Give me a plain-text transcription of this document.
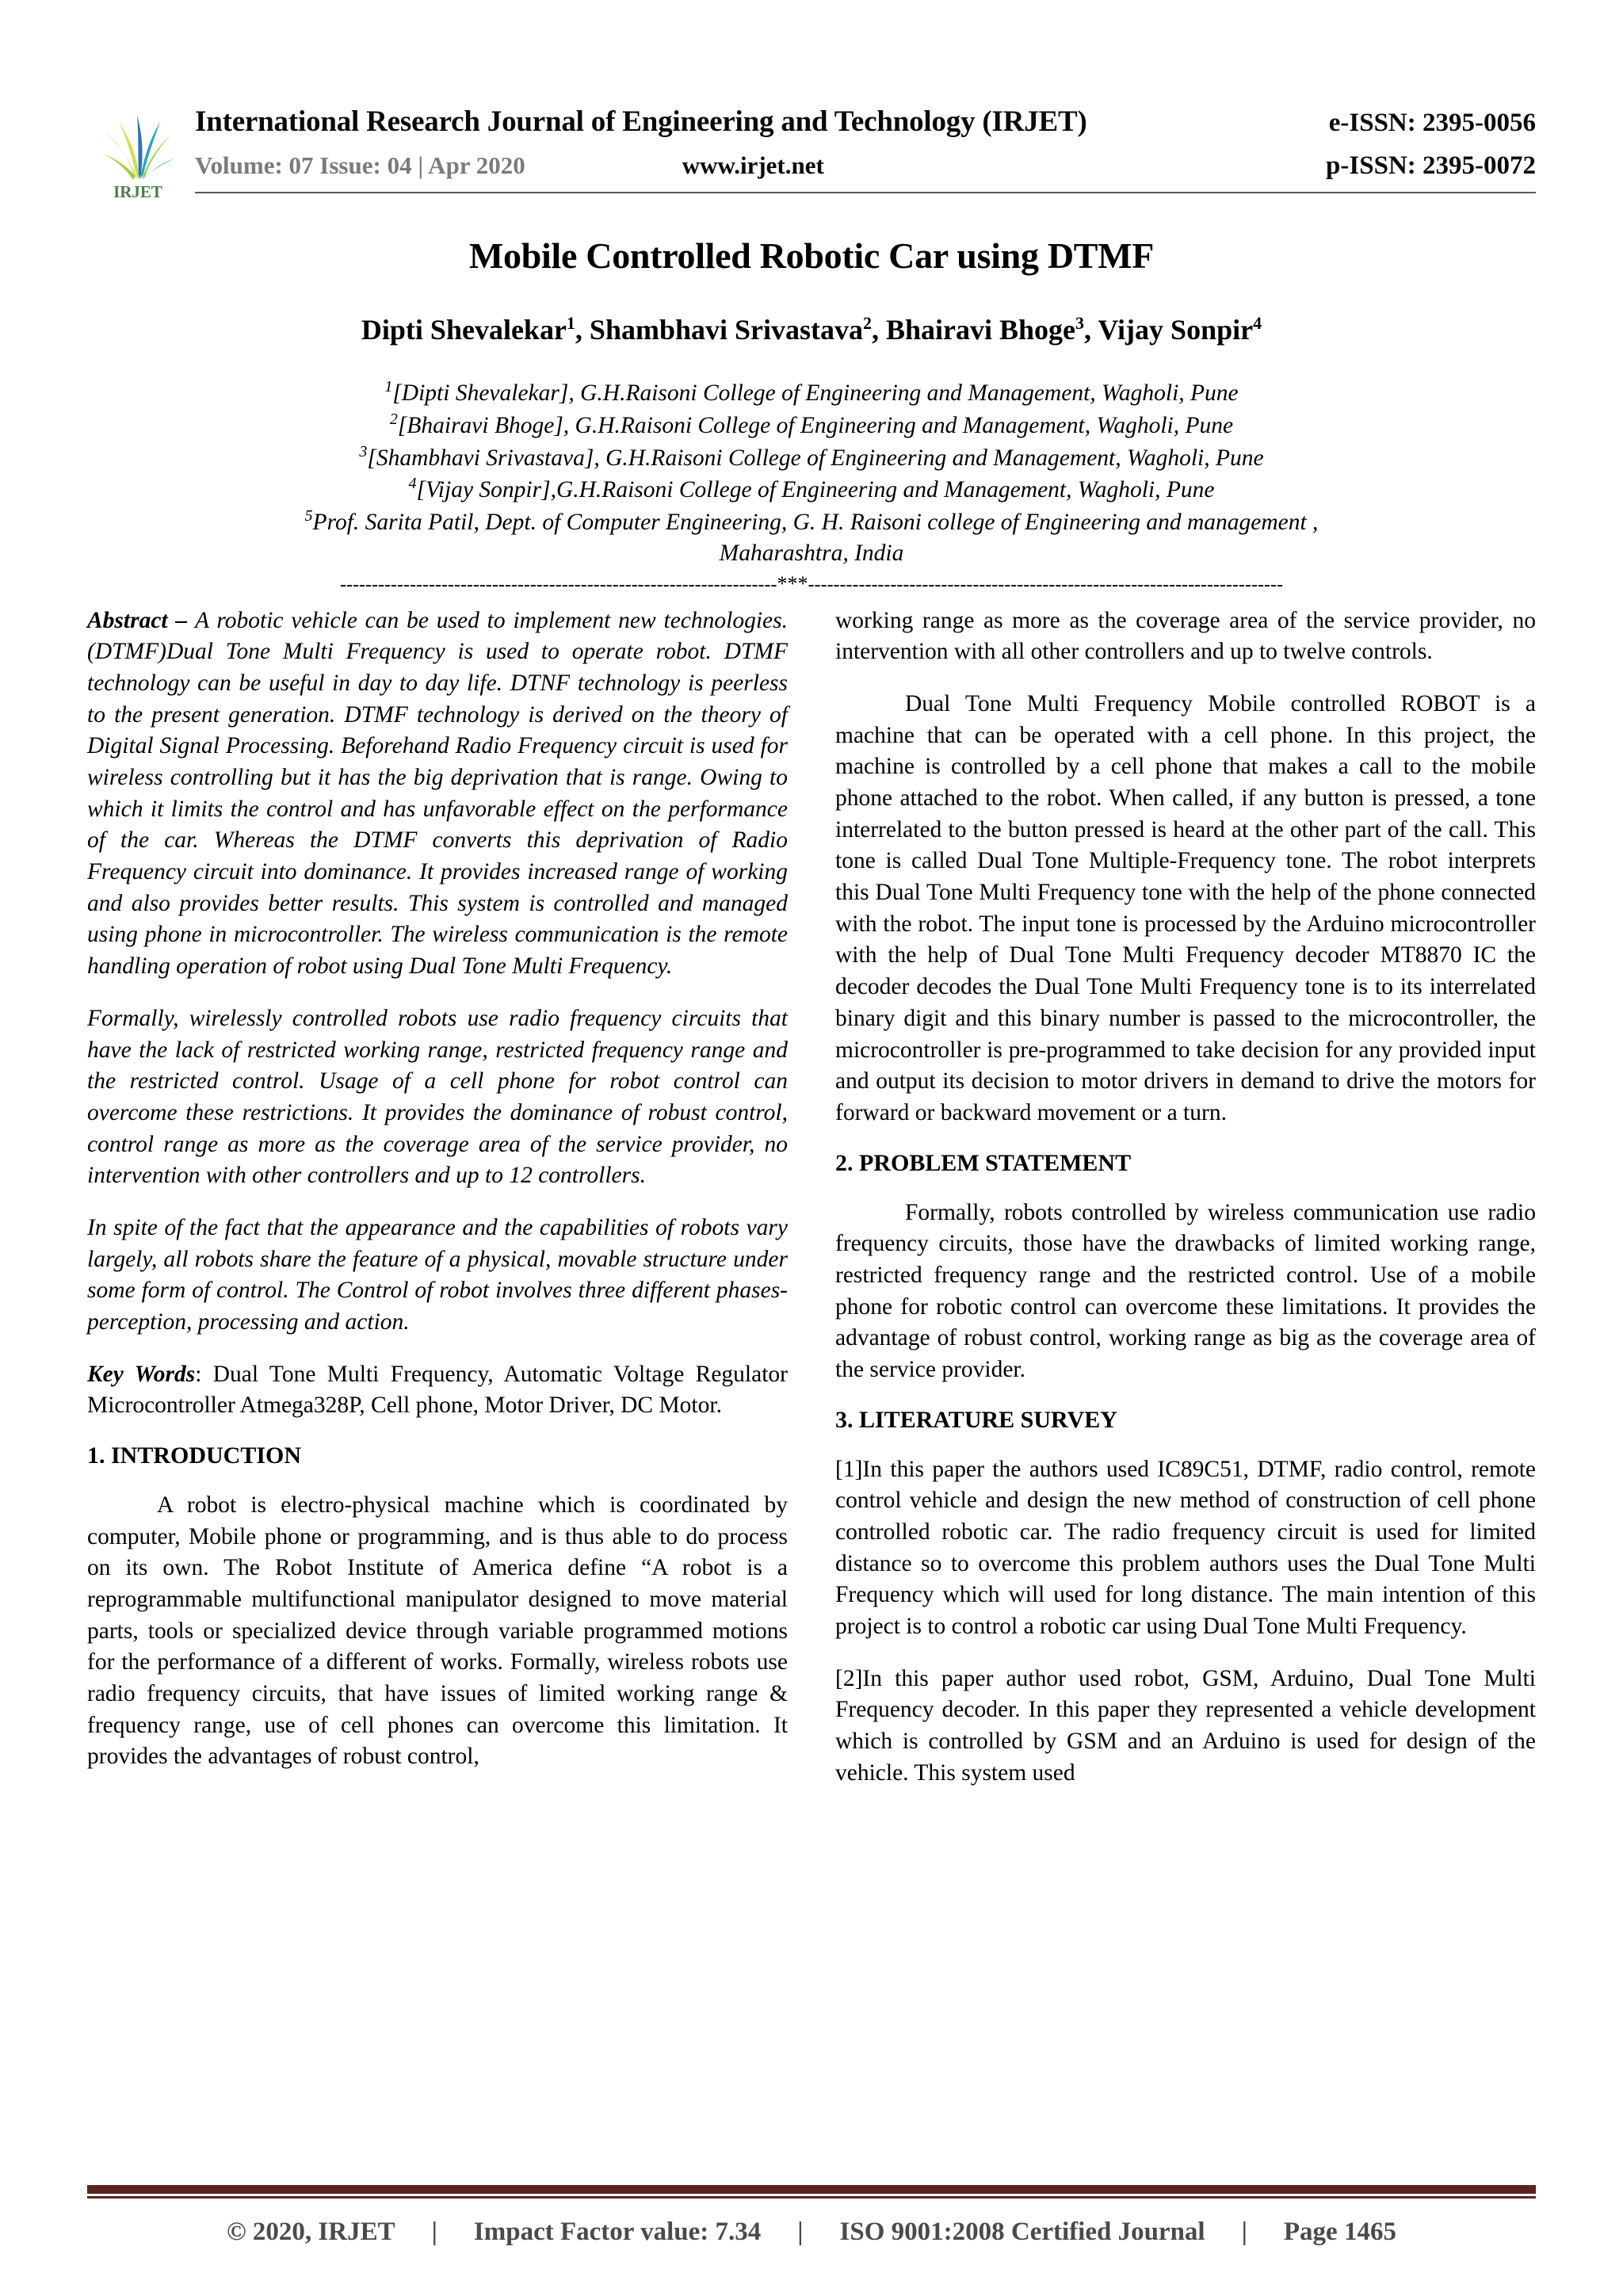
IRJET
International Research Journal of Engineering and Technology (IRJET)	e-ISSN: 2395-0056
Volume: 07 Issue: 04 | Apr 2020	www.irjet.net	p-ISSN: 2395-0072
Mobile Controlled Robotic Car using DTMF
Dipti Shevalekar$^1$, Shambhavi Srivastava$^2$, Bhairavi Bhoge$^3$, Vijay Sonpir$^4$
$^1$[Dipti Shevalekar], G.H.Raisoni College of Engineering and Management, Wagholi, Pune
$^2$[Bhairavi Bhoge], G.H.Raisoni College of Engineering and Management, Wagholi, Pune
$^3$[Shambhavi Srivastava], G.H.Raisoni College of Engineering and Management, Wagholi, Pune
$^4$[Vijay Sonpir],G.H.Raisoni College of Engineering and Management, Wagholi, Pune
$^5$Prof. Sarita Patil, Dept. of Computer Engineering, G. H. Raisoni college of Engineering and management ,
Maharashtra, India
---------------------------------------------------------------------***---------------------------------------------------------------------------

Abstract – A robotic vehicle can be used to implement new technologies. (DTMF)Dual Tone Multi Frequency is used to operate robot. DTMF technology can be useful in day to day life. DTNF technology is peerless to the present generation. DTMF technology is derived on the theory of Digital Signal Processing. Beforehand Radio Frequency circuit is used for wireless controlling but it has the big deprivation that is range. Owing to which it limits the control and has unfavorable effect on the performance of the car. Whereas the DTMF converts this deprivation of Radio Frequency circuit into dominance. It provides increased range of working and also provides better results. This system is controlled and managed using phone in microcontroller. The wireless communication is the remote handling operation of robot using Dual Tone Multi Frequency.

Formally, wirelessly controlled robots use radio frequency circuits that have the lack of restricted working range, restricted frequency range and the restricted control. Usage of a cell phone for robot control can overcome these restrictions. It provides the dominance of robust control, control range as more as the coverage area of the service provider, no intervention with other controllers and up to 12 controllers.

In spite of the fact that the appearance and the capabilities of robots vary largely, all robots share the feature of a physical, movable structure under some form of control. The Control of robot involves three different phases- perception, processing and action.

Key Words: Dual Tone Multi Frequency, Automatic Voltage Regulator Microcontroller Atmega328P, Cell phone, Motor Driver, DC Motor.

1. INTRODUCTION

A robot is electro-physical machine which is coordinated by computer, Mobile phone or programming, and is thus able to do process on its own. The Robot Institute of America define “A robot is a reprogrammable multifunctional manipulator designed to move material parts, tools or specialized device through variable programmed motions for the performance of a different of works. Formally, wireless robots use radio frequency circuits, that have issues of limited working range & frequency range, use of cell phones can overcome this limitation. It provides the advantages of robust control,

working range as more as the coverage area of the service provider, no intervention with all other controllers and up to twelve controls.

Dual Tone Multi Frequency Mobile controlled ROBOT is a machine that can be operated with a cell phone. In this project, the machine is controlled by a cell phone that makes a call to the mobile phone attached to the robot. When called, if any button is pressed, a tone interrelated to the button pressed is heard at the other part of the call. This tone is called Dual Tone Multiple-Frequency tone. The robot interprets this Dual Tone Multi Frequency tone with the help of the phone connected with the robot. The input tone is processed by the Arduino microcontroller with the help of Dual Tone Multi Frequency decoder MT8870 IC the decoder decodes the Dual Tone Multi Frequency tone is to its interrelated binary digit and this binary number is passed to the microcontroller, the microcontroller is pre-programmed to take decision for any provided input and output its decision to motor drivers in demand to drive the motors for forward or backward movement or a turn.

2. PROBLEM STATEMENT

Formally, robots controlled by wireless communication use radio frequency circuits, those have the drawbacks of limited working range, restricted frequency range and the restricted control. Use of a mobile phone for robotic control can overcome these limitations. It provides the advantage of robust control, working range as big as the coverage area of the service provider.

3. LITERATURE SURVEY

[1]In this paper the authors used IC89C51, DTMF, radio control, remote control vehicle and design the new method of construction of cell phone controlled robotic car. The radio frequency circuit is used for limited distance so to overcome this problem authors uses the Dual Tone Multi Frequency which will used for long distance. The main intention of this project is to control a robotic car using Dual Tone Multi Frequency.

[2]In this paper author used robot, GSM, Arduino, Dual Tone Multi Frequency decoder. In this paper they represented a vehicle development which is controlled by GSM and an Arduino is used for design of the vehicle. This system used

© 2020, IRJET	|	Impact Factor value: 7.34	|	ISO 9001:2008 Certified Journal	|	Page 1465
